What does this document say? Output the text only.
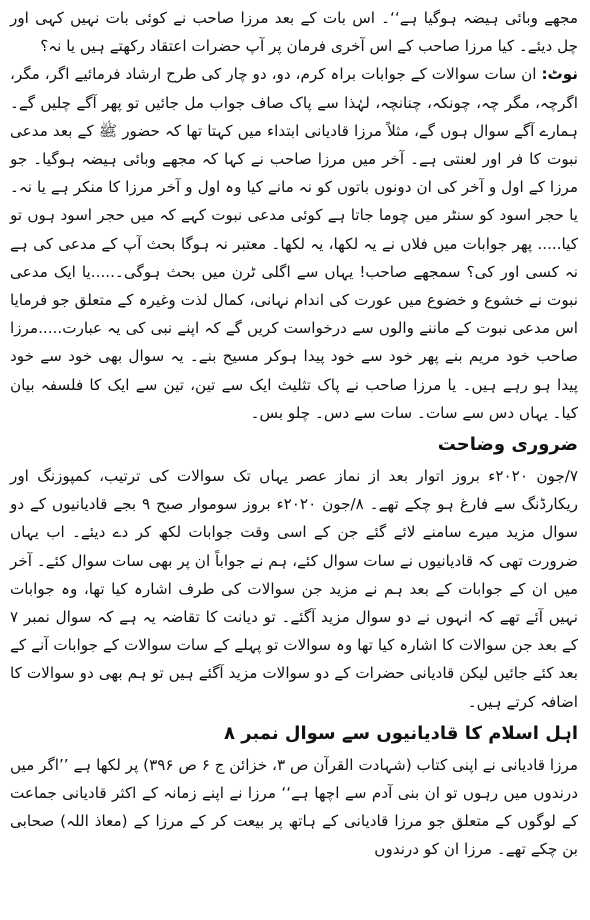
مجھے وبائی ہیضہ ہوگیا ہے‘‘۔ اس بات کے بعد مرزا صاحب نے کوئی بات نہیں کہی اور چل دیئے۔ کیا مرزا صاحب کے اس آخری فرمان پر آپ حضرات اعتقاد رکھتے ہیں یا نہ؟

نوٹ: ان سات سوالات کے جوابات براہ کرم، دو، دو چار کی طرح ارشاد فرمائیے اگر، مگر، اگرچہ، مگر چہ، چونکہ، چنانچہ، لہٰذا سے پاک صاف جواب مل جائیں تو پھر آگے چلیں گے۔ ہمارے آگے سوال ہوں گے، مثلاً مرزا قادیانی ابتداء میں کہتا تھا کہ حضور ﷺ کے بعد مدعی نبوت کا فر اور لعنتی ہے۔ آخر میں مرزا صاحب نے کہا کہ مجھے وبائی ہیضہ ہوگیا۔ جو مرزا کے اول و آخر کی ان دونوں باتوں کو نہ مانے کیا وہ اول و آخر مرزا کا منکر ہے یا نہ۔ یا حجر اسود کو سنٹر میں چوما جاتا ہے کوئی مدعی نبوت کہے کہ میں حجر اسود ہوں تو کیا..... پھر جوابات میں فلاں نے یہ لکھا، یہ لکھا۔ معتبر نہ ہوگا بحث آپ کے مدعی کی ہے نہ کسی اور کی؟ سمجھے صاحب! یہاں سے اگلی ٹرن میں بحث ہوگی۔.....یا ایک مدعی نبوت نے خشوع و خضوع میں عورت کی اندام نہانی، کمال لذت وغیرہ کے متعلق جو فرمایا اس مدعی نبوت کے ماننے والوں سے درخواست کریں گے کہ اپنے نبی کی یہ عبارت.....مرزا صاحب خود مریم بنے پھر خود سے خود پیدا ہوکر مسیح بنے۔ یہ سوال بھی خود سے خود پیدا ہو رہے ہیں۔ یا مرزا صاحب نے پاک تثلیث ایک سے تین، تین سے ایک کا فلسفہ بیان کیا۔ یہاں دس سے سات۔ سات سے دس۔ چلو بس۔

ضروری وضاحت

۷/جون ۲۰۲۰ء بروز اتوار بعد از نماز عصر یہاں تک سوالات کی ترتیب، کمپوزنگ اور ریکارڈنگ سے فارغ ہو چکے تھے۔ ۸/جون ۲۰۲۰ء بروز سوموار صبح ۹ بجے قادیانیوں کے دو سوال مزید میرے سامنے لائے گئے جن کے اسی وقت جوابات لکھ کر دے دیئے۔ اب یہاں ضرورت تھی کہ قادیانیوں نے سات سوال کئے، ہم نے جواباً ان پر بھی سات سوال کئے۔ آخر میں ان کے جوابات کے بعد ہم نے مزید جن سوالات کی طرف اشارہ کیا تھا، وہ جوابات نہیں آئے تھے کہ انہوں نے دو سوال مزید آگئے۔ تو دیانت کا تقاضہ یہ ہے کہ سوال نمبر ۷ کے بعد جن سوالات کا اشارہ کیا تھا وہ سوالات تو پہلے کے سات سوالات کے جوابات آنے کے بعد کئے جائیں لیکن قادیانی حضرات کے دو سوالات مزید آگئے ہیں تو ہم بھی دو سوالات کا اضافہ کرتے ہیں۔

اہل اسلام کا قادیانیوں سے سوال نمبر ۸

مرزا قادیانی نے اپنی کتاب (شہادت القرآن ص ۳، خزائن ج ۶ ص ۳۹۶) پر لکھا ہے ’’اگر میں درندوں میں رہوں تو ان بنی آدم سے اچھا ہے‘‘ مرزا نے اپنے زمانہ کے اکثر قادیانی جماعت کے لوگوں کے متعلق جو مرزا قادیانی کے ہاتھ پر بیعت کر کے مرزا کے (معاذ اللہ) صحابی بن چکے تھے۔ مرزا ان کو درندوں
